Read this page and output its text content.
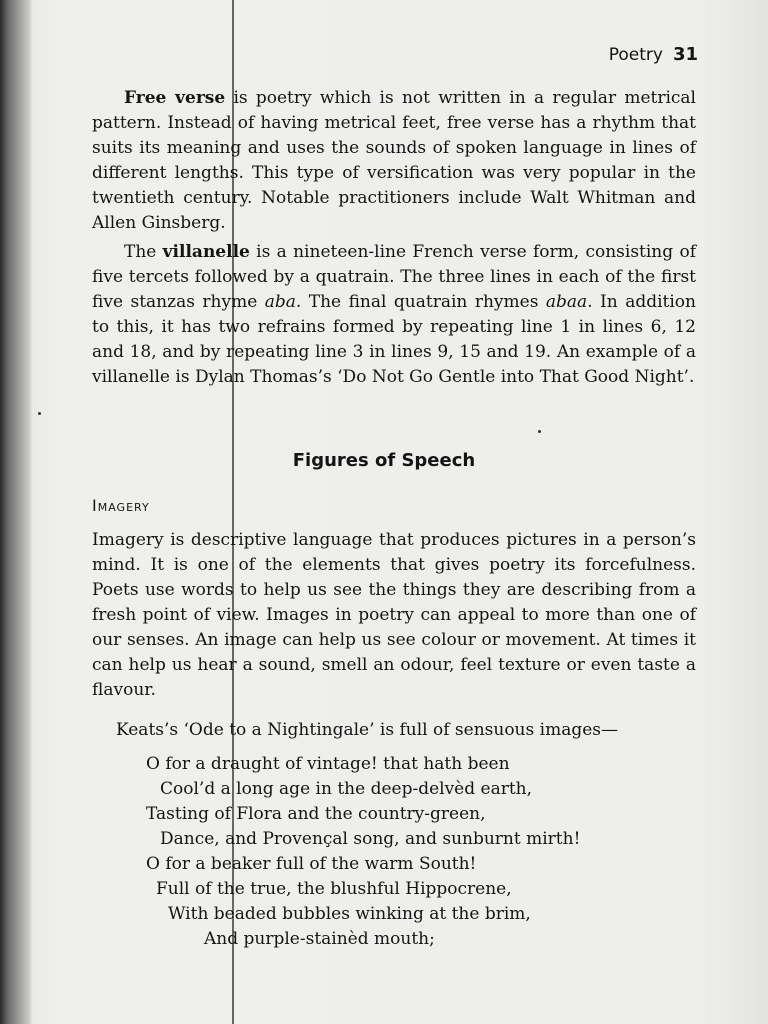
Poetry 31

Free verse is poetry which is not written in a regular metrical pattern. Instead of having metrical feet, free verse has a rhythm that suits its meaning and uses the sounds of spoken language in lines of different lengths. This type of versification was very popular in the twentieth century. Notable practitioners include Walt Whitman and Allen Ginsberg.

The villanelle is a nineteen-line French verse form, consisting of five tercets followed by a quatrain. The three lines in each of the first five stanzas rhyme aba. The final quatrain rhymes abaa. In addition to this, it has two refrains formed by repeating line 1 in lines 6, 12 and 18, and by repeating line 3 in lines 9, 15 and 19. An example of a villanelle is Dylan Thomas’s ‘Do Not Go Gentle into That Good Night’.

Figures of Speech
Imagery

Imagery is descriptive language that produces pictures in a person’s mind. It is one of the elements that gives poetry its forcefulness. Poets use words to help us see the things they are describing from a fresh point of view. Images in poetry can appeal to more than one of our senses. An image can help us see colour or movement. At times it can help us hear a sound, smell an odour, feel texture or even taste a flavour.

Keats’s ‘Ode to a Nightingale’ is full of sensuous images—

O for a draught of vintage! that hath been
Cool’d a long age in the deep-delvèd earth,
Tasting of Flora and the country-green,
Dance, and Provençal song, and sunburnt mirth!
O for a beaker full of the warm South!
Full of the true, the blushful Hippocrene,
With beaded bubbles winking at the brim,
And purple-stainèd mouth;
